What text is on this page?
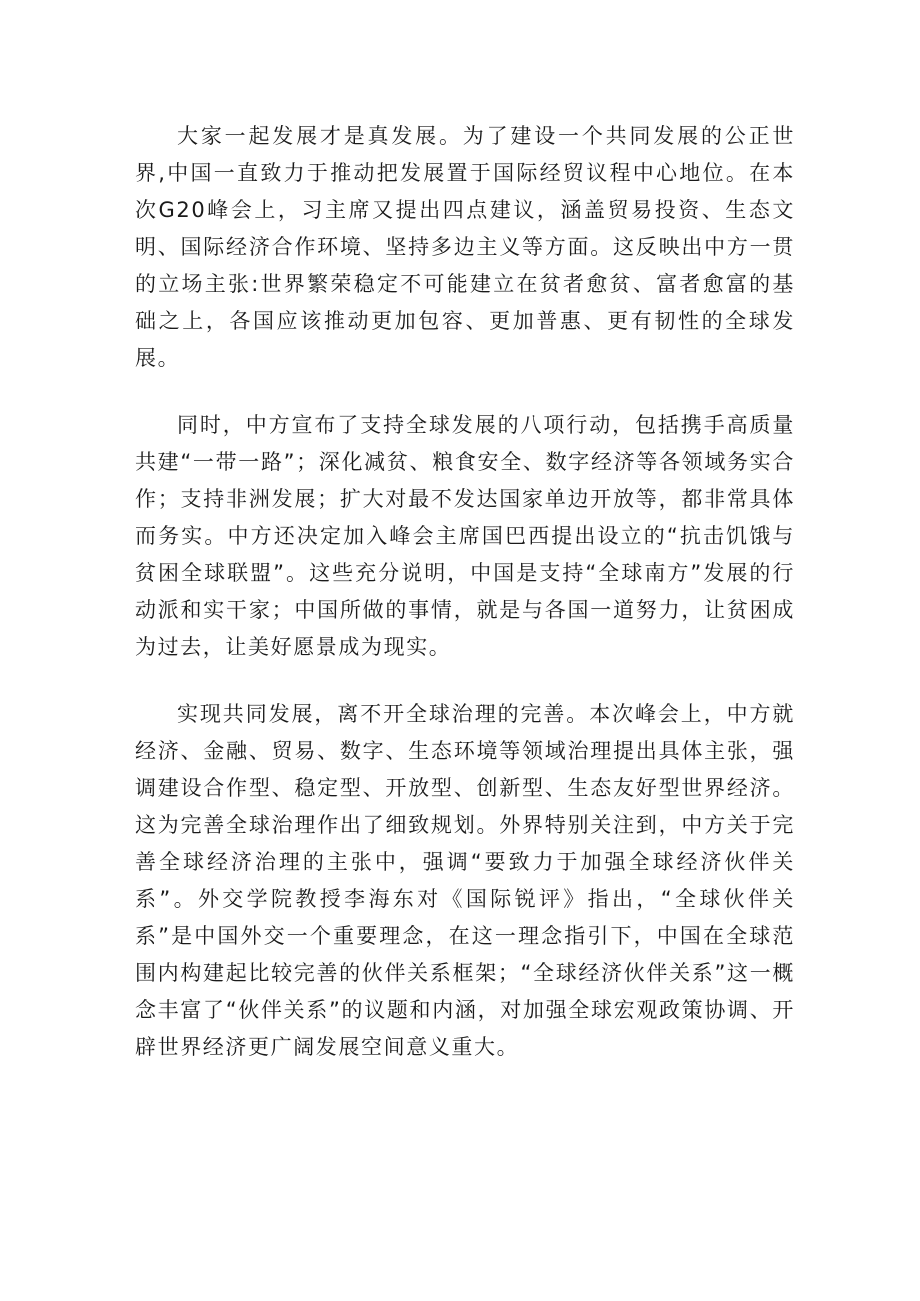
大家一起发展才是真发展。为了建设一个共同发展的公正世界,中国一直致力于推动把发展置于国际经贸议程中心地位。在本次G20峰会上，习主席又提出四点建议，涵盖贸易投资、生态文明、国际经济合作环境、坚持多边主义等方面。这反映出中方一贯的立场主张:世界繁荣稳定不可能建立在贫者愈贫、富者愈富的基础之上，各国应该推动更加包容、更加普惠、更有韧性的全球发展。

同时，中方宣布了支持全球发展的八项行动，包括携手高质量共建“一带一路”；深化减贫、粮食安全、数字经济等各领域务实合作；支持非洲发展；扩大对最不发达国家单边开放等，都非常具体而务实。中方还决定加入峰会主席国巴西提出设立的“抗击饥饿与贫困全球联盟”。这些充分说明，中国是支持“全球南方”发展的行动派和实干家；中国所做的事情，就是与各国一道努力，让贫困成为过去，让美好愿景成为现实。

实现共同发展，离不开全球治理的完善。本次峰会上，中方就经济、金融、贸易、数字、生态环境等领域治理提出具体主张，强调建设合作型、稳定型、开放型、创新型、生态友好型世界经济。这为完善全球治理作出了细致规划。外界特别关注到，中方关于完善全球经济治理的主张中，强调“要致力于加强全球经济伙伴关系”。外交学院教授李海东对《国际锐评》指出，“全球伙伴关系”是中国外交一个重要理念，在这一理念指引下，中国在全球范围内构建起比较完善的伙伴关系框架；“全球经济伙伴关系”这一概念丰富了“伙伴关系”的议题和内涵，对加强全球宏观政策协调、开辟世界经济更广阔发展空间意义重大。
